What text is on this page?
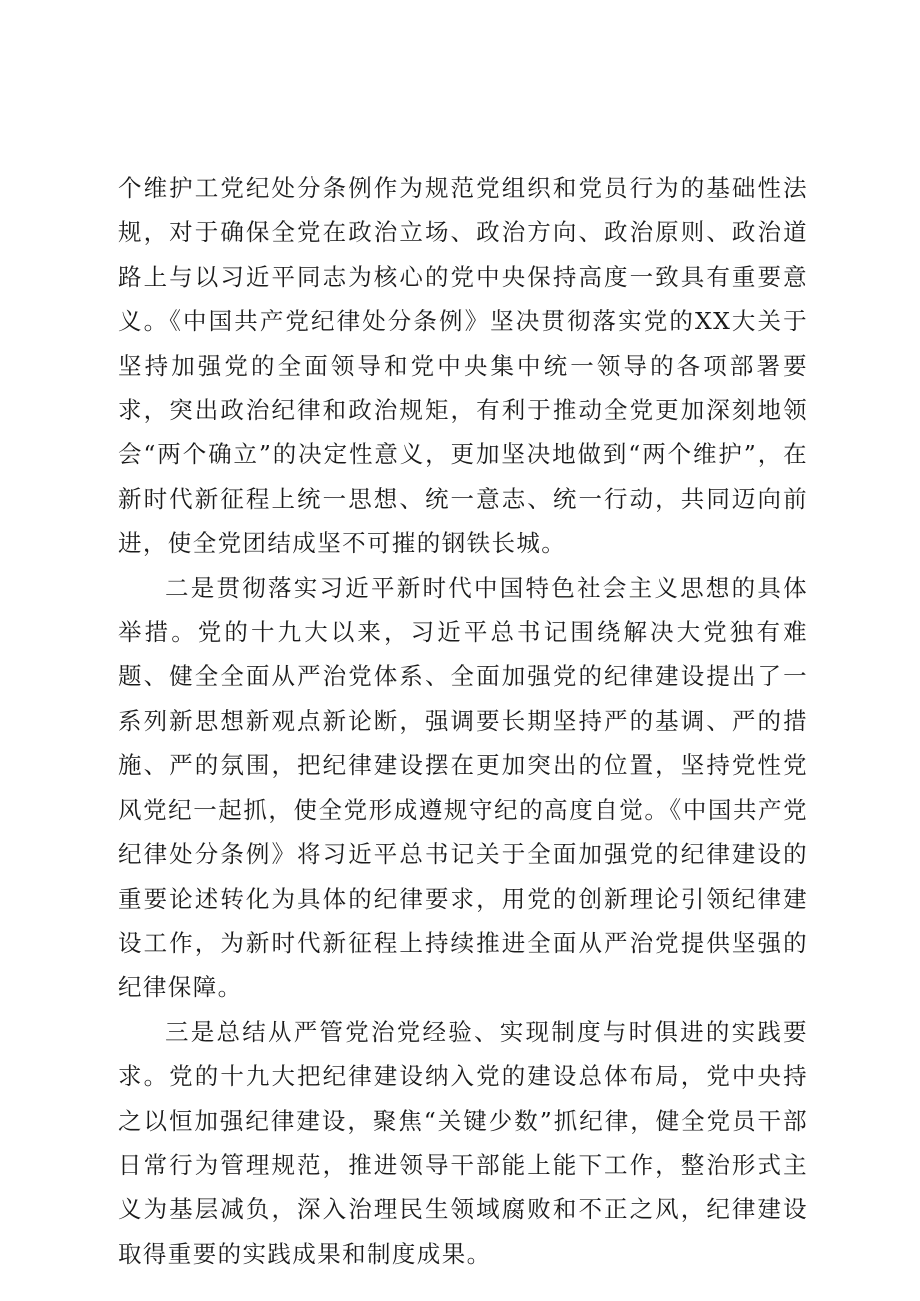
个维护工党纪处分条例作为规范党组织和党员行为的基础性法规，对于确保全党在政治立场、政治方向、政治原则、政治道路上与以习近平同志为核心的党中央保持高度一致具有重要意义。《中国共产党纪律处分条例》坚决贯彻落实党的XX大关于坚持加强党的全面领导和党中央集中统一领导的各项部署要求，突出政治纪律和政治规矩，有利于推动全党更加深刻地领会“两个确立”的决定性意义，更加坚决地做到“两个维护”，在新时代新征程上统一思想、统一意志、统一行动，共同迈向前进，使全党团结成坚不可摧的钢铁长城。

二是贯彻落实习近平新时代中国特色社会主义思想的具体举措。党的十九大以来，习近平总书记围绕解决大党独有难题、健全全面从严治党体系、全面加强党的纪律建设提出了一系列新思想新观点新论断，强调要长期坚持严的基调、严的措施、严的氛围，把纪律建设摆在更加突出的位置，坚持党性党风党纪一起抓，使全党形成遵规守纪的高度自觉。《中国共产党纪律处分条例》将习近平总书记关于全面加强党的纪律建设的重要论述转化为具体的纪律要求，用党的创新理论引领纪律建设工作，为新时代新征程上持续推进全面从严治党提供坚强的纪律保障。

三是总结从严管党治党经验、实现制度与时俱进的实践要求。党的十九大把纪律建设纳入党的建设总体布局，党中央持之以恒加强纪律建设，聚焦“关键少数”抓纪律，健全党员干部日常行为管理规范，推进领导干部能上能下工作，整治形式主义为基层减负，深入治理民生领域腐败和不正之风，纪律建设取得重要的实践成果和制度成果。
